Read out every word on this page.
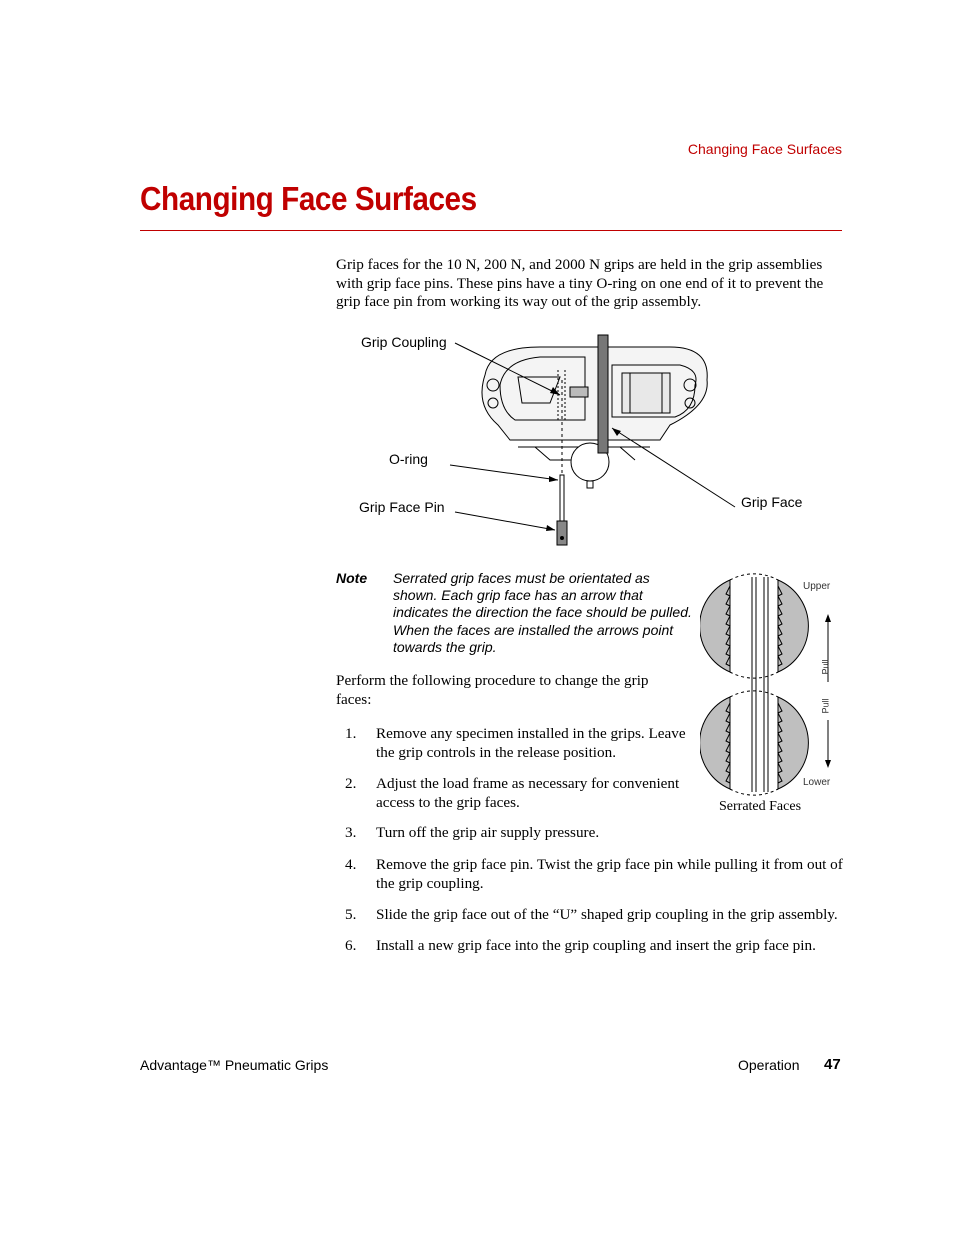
Changing Face Surfaces
Changing Face Surfaces
Grip faces for the 10 N, 200 N, and 2000 N grips are held in the grip assemblies with grip face pins. These pins have a tiny O-ring on one end of it to prevent the grip face pin from working its way out of the grip assembly.
Grip Coupling
O-ring
Grip Face Pin	Grip Face
Note Serrated grip faces must be orientated as shown. Each grip face has an arrow that indicates the direction the face should be pulled. When the faces are installed the arrows point towards the grip.
Upper
Lower
Pull
Pull
Serrated Faces
Perform the following procedure to change the grip faces:
1.	Remove any specimen installed in the grips. Leave the grip controls in the release position.
2.	Adjust the load frame as necessary for convenient access to the grip faces.
3.	Turn off the grip air supply pressure.
4.	Remove the grip face pin. Twist the grip face pin while pulling it from out of the grip coupling.
5.	Slide the grip face out of the “U” shaped grip coupling in the grip assembly.
6.	Install a new grip face into the grip coupling and insert the grip face pin.
Advantage™ Pneumatic Grips	Operation 47
